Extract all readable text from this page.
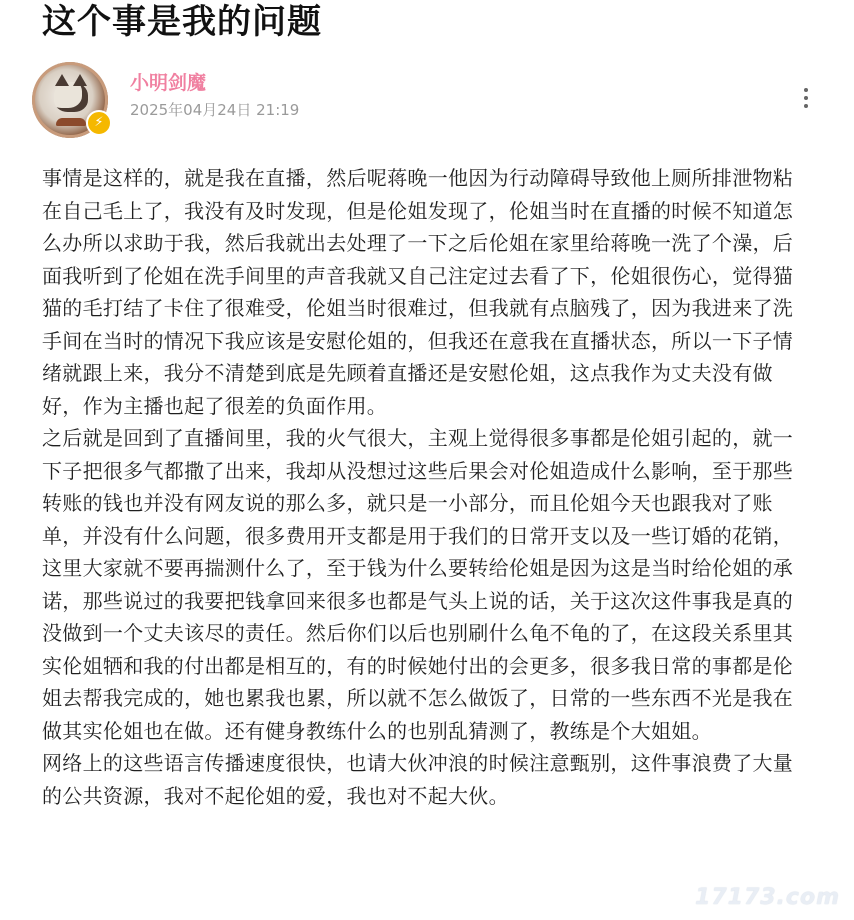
这个事是我的问题
⚡
小明剑魔
2025年04月24日 21:19

事情是这样的，就是我在直播，然后呢蒋晚一他因为行动障碍导致他上厕所排泄物粘在自己毛上了，我没有及时发现，但是伦姐发现了，伦姐当时在直播的时候不知道怎么办所以求助于我，然后我就出去处理了一下之后伦姐在家里给蒋晚一洗了个澡，后面我听到了伦姐在洗手间里的声音我就又自己注定过去看了下，伦姐很伤心，觉得猫猫的毛打结了卡住了很难受，伦姐当时很难过，但我就有点脑残了，因为我进来了洗手间在当时的情况下我应该是安慰伦姐的，但我还在意我在直播状态，所以一下子情绪就跟上来，我分不清楚到底是先顾着直播还是安慰伦姐，这点我作为丈夫没有做好，作为主播也起了很差的负面作用。

之后就是回到了直播间里，我的火气很大，主观上觉得很多事都是伦姐引起的，就一下子把很多气都撒了出来，我却从没想过这些后果会对伦姐造成什么影响，至于那些转账的钱也并没有网友说的那么多，就只是一小部分，而且伦姐今天也跟我对了账单，并没有什么问题，很多费用开支都是用于我们的日常开支以及一些订婚的花销，这里大家就不要再揣测什么了，至于钱为什么要转给伦姐是因为这是当时给伦姐的承诺，那些说过的我要把钱拿回来很多也都是气头上说的话，关于这次这件事我是真的没做到一个丈夫该尽的责任。然后你们以后也别刷什么龟不龟的了，在这段关系里其实伦姐牺和我的付出都是相互的，有的时候她付出的会更多，很多我日常的事都是伦姐去帮我完成的，她也累我也累，所以就不怎么做饭了，日常的一些东西不光是我在做其实伦姐也在做。还有健身教练什么的也别乱猜测了，教练是个大姐姐。

网络上的这些语言传播速度很快，也请大伙冲浪的时候注意甄别，这件事浪费了大量的公共资源，我对不起伦姐的爱，我也对不起大伙。

17173.com
